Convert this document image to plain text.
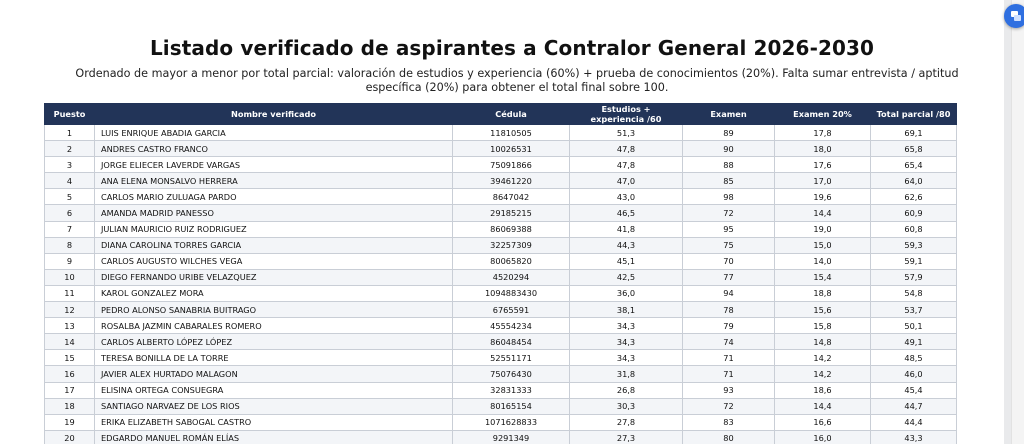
Listado verificado de aspirantes a Contralor General 2026-2030
Ordenado de mayor a menor por total parcial: valoración de estudios y experiencia (60%) + prueba de conocimientos (20%). Falta sumar entrevista / aptitud específica (20%) para obtener el total final sobre 100.
Puesto	Nombre verificado	Cédula	Estudios + experiencia /60	Examen	Examen 20%	Total parcial /80
1	LUIS ENRIQUE ABADIA GARCIA	11810505	51,3	89	17,8	69,1
2	ANDRES CASTRO FRANCO	10026531	47,8	90	18,0	65,8
3	JORGE ELIECER LAVERDE VARGAS	75091866	47,8	88	17,6	65,4
4	ANA ELENA MONSALVO HERRERA	39461220	47,0	85	17,0	64,0
5	CARLOS MARIO ZULUAGA PARDO	8647042	43,0	98	19,6	62,6
6	AMANDA MADRID PANESSO	29185215	46,5	72	14,4	60,9
7	JULIAN MAURICIO RUIZ RODRIGUEZ	86069388	41,8	95	19,0	60,8
8	DIANA CAROLINA TORRES GARCIA	32257309	44,3	75	15,0	59,3
9	CARLOS AUGUSTO WILCHES VEGA	80065820	45,1	70	14,0	59,1
10	DIEGO FERNANDO URIBE VELAZQUEZ	4520294	42,5	77	15,4	57,9
11	KAROL GONZALEZ MORA	1094883430	36,0	94	18,8	54,8
12	PEDRO ALONSO SANABRIA BUITRAGO	6765591	38,1	78	15,6	53,7
13	ROSALBA JAZMIN CABARALES ROMERO	45554234	34,3	79	15,8	50,1
14	CARLOS ALBERTO LÓPEZ LÓPEZ	86048454	34,3	74	14,8	49,1
15	TERESA BONILLA DE LA TORRE	52551171	34,3	71	14,2	48,5
16	JAVIER ALEX HURTADO MALAGON	75076430	31,8	71	14,2	46,0
17	ELISINA ORTEGA CONSUEGRA	32831333	26,8	93	18,6	45,4
18	SANTIAGO NARVAEZ DE LOS RIOS	80165154	30,3	72	14,4	44,7
19	ERIKA ELIZABETH SABOGAL CASTRO	1071628833	27,8	83	16,6	44,4
20	EDGARDO MANUEL ROMÁN ELÍAS	9291349	27,3	80	16,0	43,3
